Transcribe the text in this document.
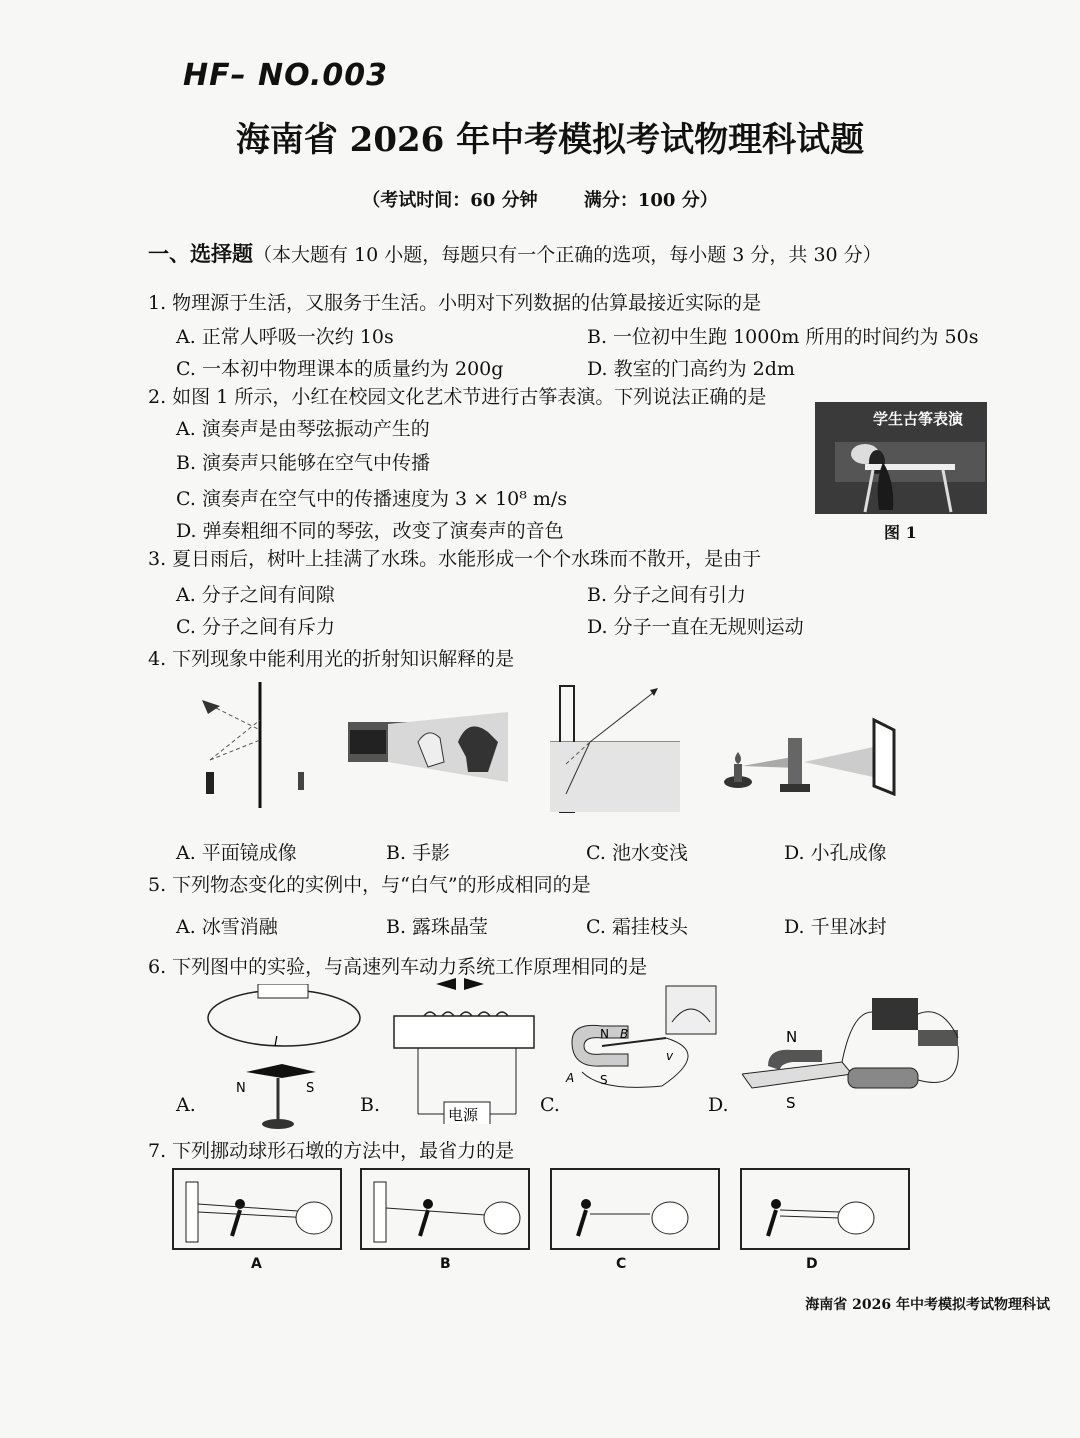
HF– NO.003
海南省 2026 年中考模拟考试物理科试题
（考试时间：60 分钟	满分：100 分）
一、选择题（本大题有 10 小题，每题只有一个正确的选项，每小题 3 分，共 30 分）
1. 物理源于生活，又服务于生活。小明对下列数据的估算最接近实际的是
A. 正常人呼吸一次约 10s	B. 一位初中生跑 1000m 所用的时间约为 50s
C. 一本初中物理课本的质量约为 200g	D. 教室的门高约为 2dm
2. 如图 1 所示，小红在校园文化艺术节进行古筝表演。下列说法正确的是
A. 演奏声是由琴弦振动产生的
B. 演奏声只能够在空气中传播
C. 演奏声在空气中的传播速度为 3 × 10⁸ m/s
D. 弹奏粗细不同的琴弦，改变了演奏声的音色
学生古筝表演
图 1
3. 夏日雨后，树叶上挂满了水珠。水能形成一个个水珠而不散开，是由于
A. 分子之间有间隙	B. 分子之间有引力
C. 分子之间有斥力	D. 分子一直在无规则运动
4. 下列现象中能利用光的折射知识解释的是
A. 平面镜成像	B. 手影	C. 池水变浅	D. 小孔成像
5. 下列物态变化的实例中，与“白气”的形成相同的是
A. 冰雪消融	B. 露珠晶莹	C. 霜挂枝头	D. 千里冰封
6. 下列图中的实验，与高速列车动力系统工作原理相同的是
I
N	S
A.	电源
B.
N B
S
v
A
C.
N
S
D.
7. 下列挪动球形石墩的方法中，最省力的是
A	B	C	D
海南省 2026 年中考模拟考试物理科试
